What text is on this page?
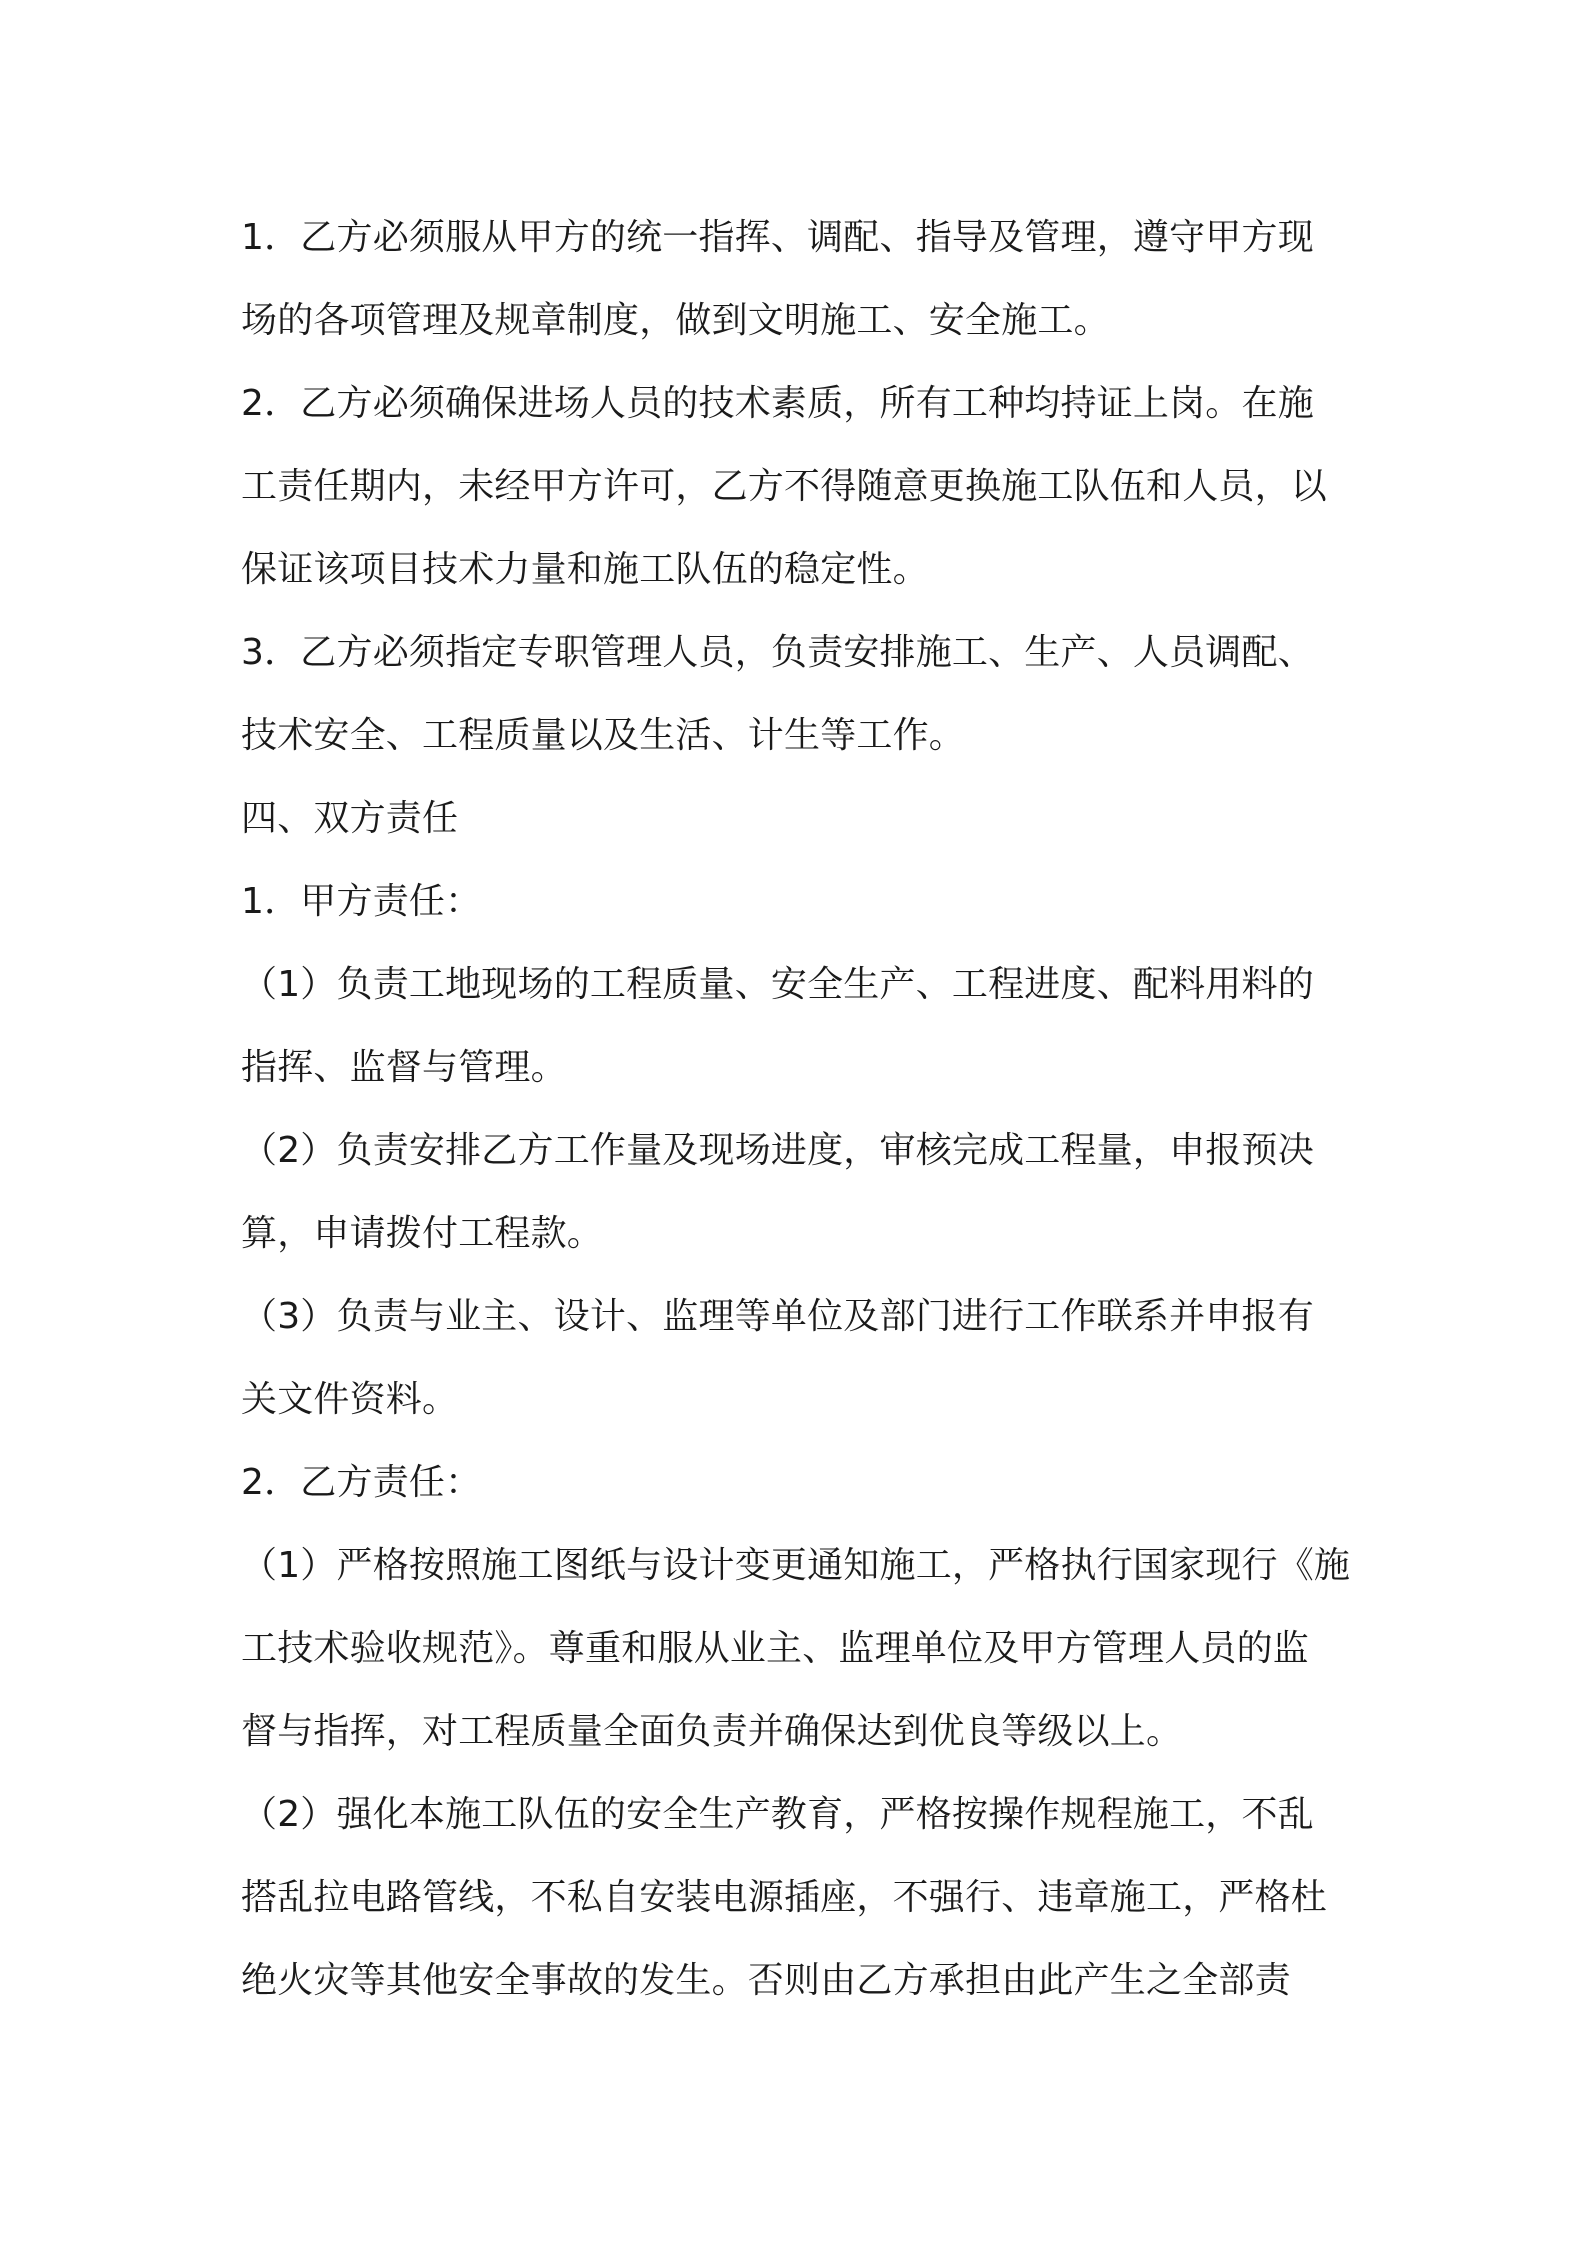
1．乙方必须服从甲方的统一指挥、调配、指导及管理，遵守甲方现
场的各项管理及规章制度，做到文明施工、安全施工。
2．乙方必须确保进场人员的技术素质，所有工种均持证上岗。在施
工责任期内，未经甲方许可，乙方不得随意更换施工队伍和人员，以
保证该项目技术力量和施工队伍的稳定性。
3．乙方必须指定专职管理人员，负责安排施工、生产、人员调配、
技术安全、工程质量以及生活、计生等工作。
四、双方责任
1．甲方责任：
（1）负责工地现场的工程质量、安全生产、工程进度、配料用料的
指挥、监督与管理。
（2）负责安排乙方工作量及现场进度，审核完成工程量，申报预决
算，申请拨付工程款。
（3）负责与业主、设计、监理等单位及部门进行工作联系并申报有
关文件资料。
2．乙方责任：
（1）严格按照施工图纸与设计变更通知施工，严格执行国家现行《施
工技术验收规范》。尊重和服从业主、监理单位及甲方管理人员的监
督与指挥，对工程质量全面负责并确保达到优良等级以上。
（2）强化本施工队伍的安全生产教育，严格按操作规程施工，不乱
搭乱拉电路管线，不私自安装电源插座，不强行、违章施工，严格杜
绝火灾等其他安全事故的发生。否则由乙方承担由此产生之全部责
